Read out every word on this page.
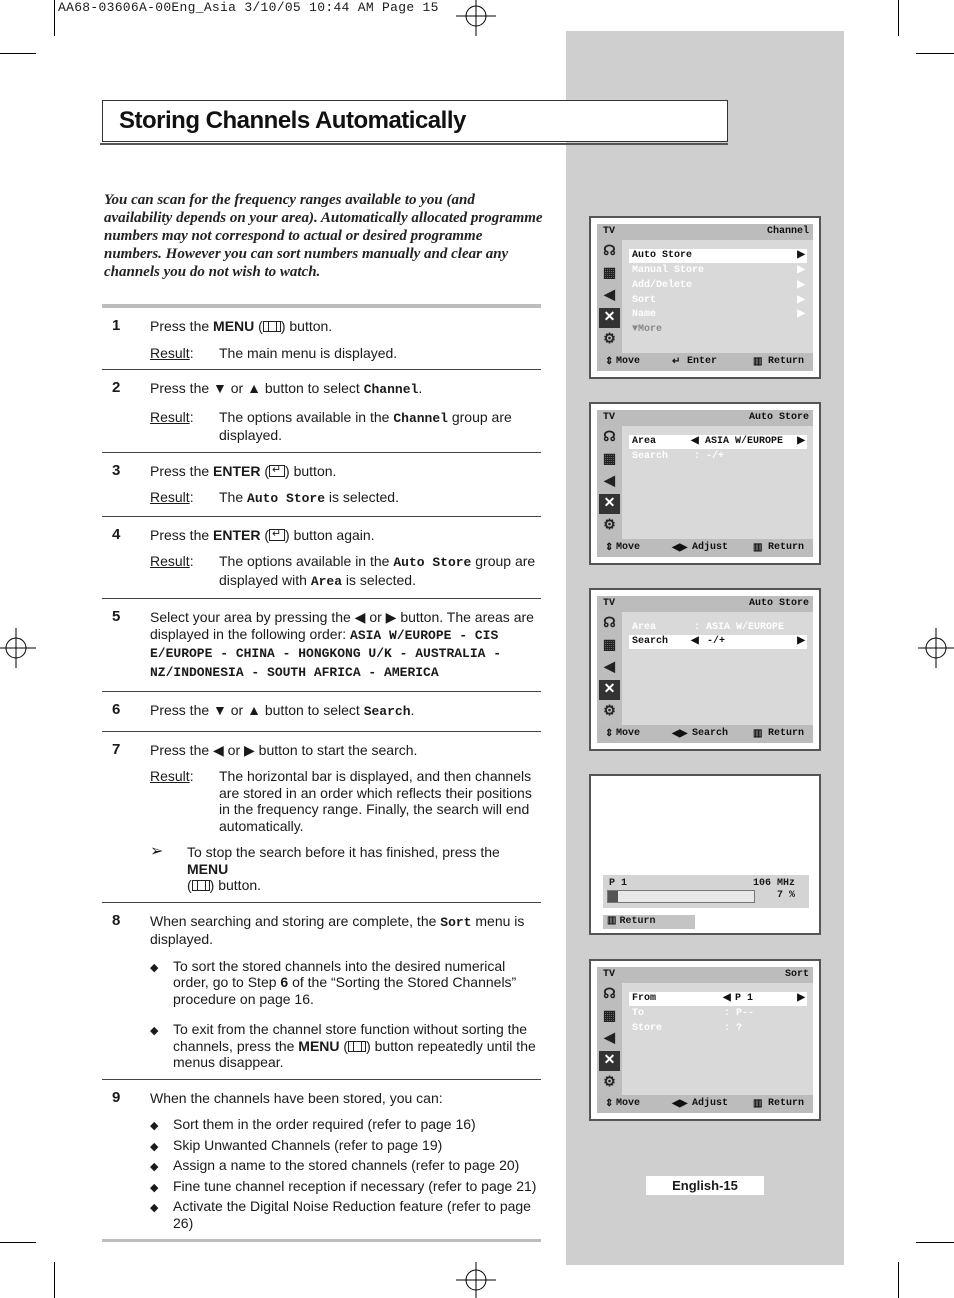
AA68-03606A-00Eng_Asia 3/10/05 10:44 AM Page 15
Storing Channels Automatically

You can scan for the frequency ranges available to you (and availability depends on your area). Automatically allocated programme numbers may not correspond to actual or desired programme numbers. However you can sort numbers manually and clear any channels you do not wish to watch.

1 Press the MENU ( ) button.

Result :	The main menu is displayed.
2 Press the ▼ or ▲ button to select Channel.

Result :	The options available in the Channel group are displayed.
3 Press the ENTER ( ↵ ) button.

Result :	The Auto Store is selected.
4 Press the ENTER ( ↵ ) button again.

Result :	The options available in the Auto Store group are displayed with Area is selected.
5 Select your area by pressing the ◀ or ▶ button. The areas are displayed in the following order: ASIA W/EUROPE - CIS E/EUROPE - CHINA - HONGKONG U/K - AUSTRALIA - NZ/INDONESIA - SOUTH AFRICA - AMERICA

6 Press the ▼ or ▲ button to select Search.

7 Press the ◀ or ▶ button to start the search.

Result :	The horizontal bar is displayed, and then channels are stored in an order which reflects their positions in the frequency range. Finally, the search will end automatically.
➢	To stop the search before it has finished, press the MENU
( ) button.
8 When searching and storing are complete, the Sort menu is displayed.

◆	To sort the stored channels into the desired numerical order, go to Step 6 of the “Sorting the Stored Channels” procedure on page 16.
◆	To exit from the channel store function without sorting the channels, press the MENU ( ) button repeatedly until the menus disappear.
9 When the channels have been stored, you can:

◆	Sort them in the order required (refer to page 16)
◆	Skip Unwanted Channels (refer to page 19)
◆	Assign a name to the stored channels (refer to page 20)
◆	Fine tune channel reception if necessary (refer to page 21)
◆	Activate the Digital Noise Reduction feature (refer to page 26)
TV	Channel
☊
▦
◀
✕
⚙
Auto Store	▶
Manual Store	▶
Add/Delete	▶
Sort	▶
Name	▶
▼More
⇕ Move	↵ Enter	▥ Return
TV	Auto Store
☊
▦
◀
✕
⚙
Area	◀ ASIA W/EUROPE ▶
Search	: -/+
⇕ Move	◀▶ Adjust ▥ Return
TV	Auto Store
☊
▦
◀
✕
⚙
Area	: ASIA W/EUROPE
Search ◀ -/+	▶
⇕ Move	◀▶ Search ▥ Return
P 1	106 MHz
7 %
▥ Return
TV	Sort
☊
▦
◀
✕
⚙
From	◀ P 1	▶
To	: P--
Store	: ?
⇕ Move	◀▶ Adjust ▥ Return
English-15
